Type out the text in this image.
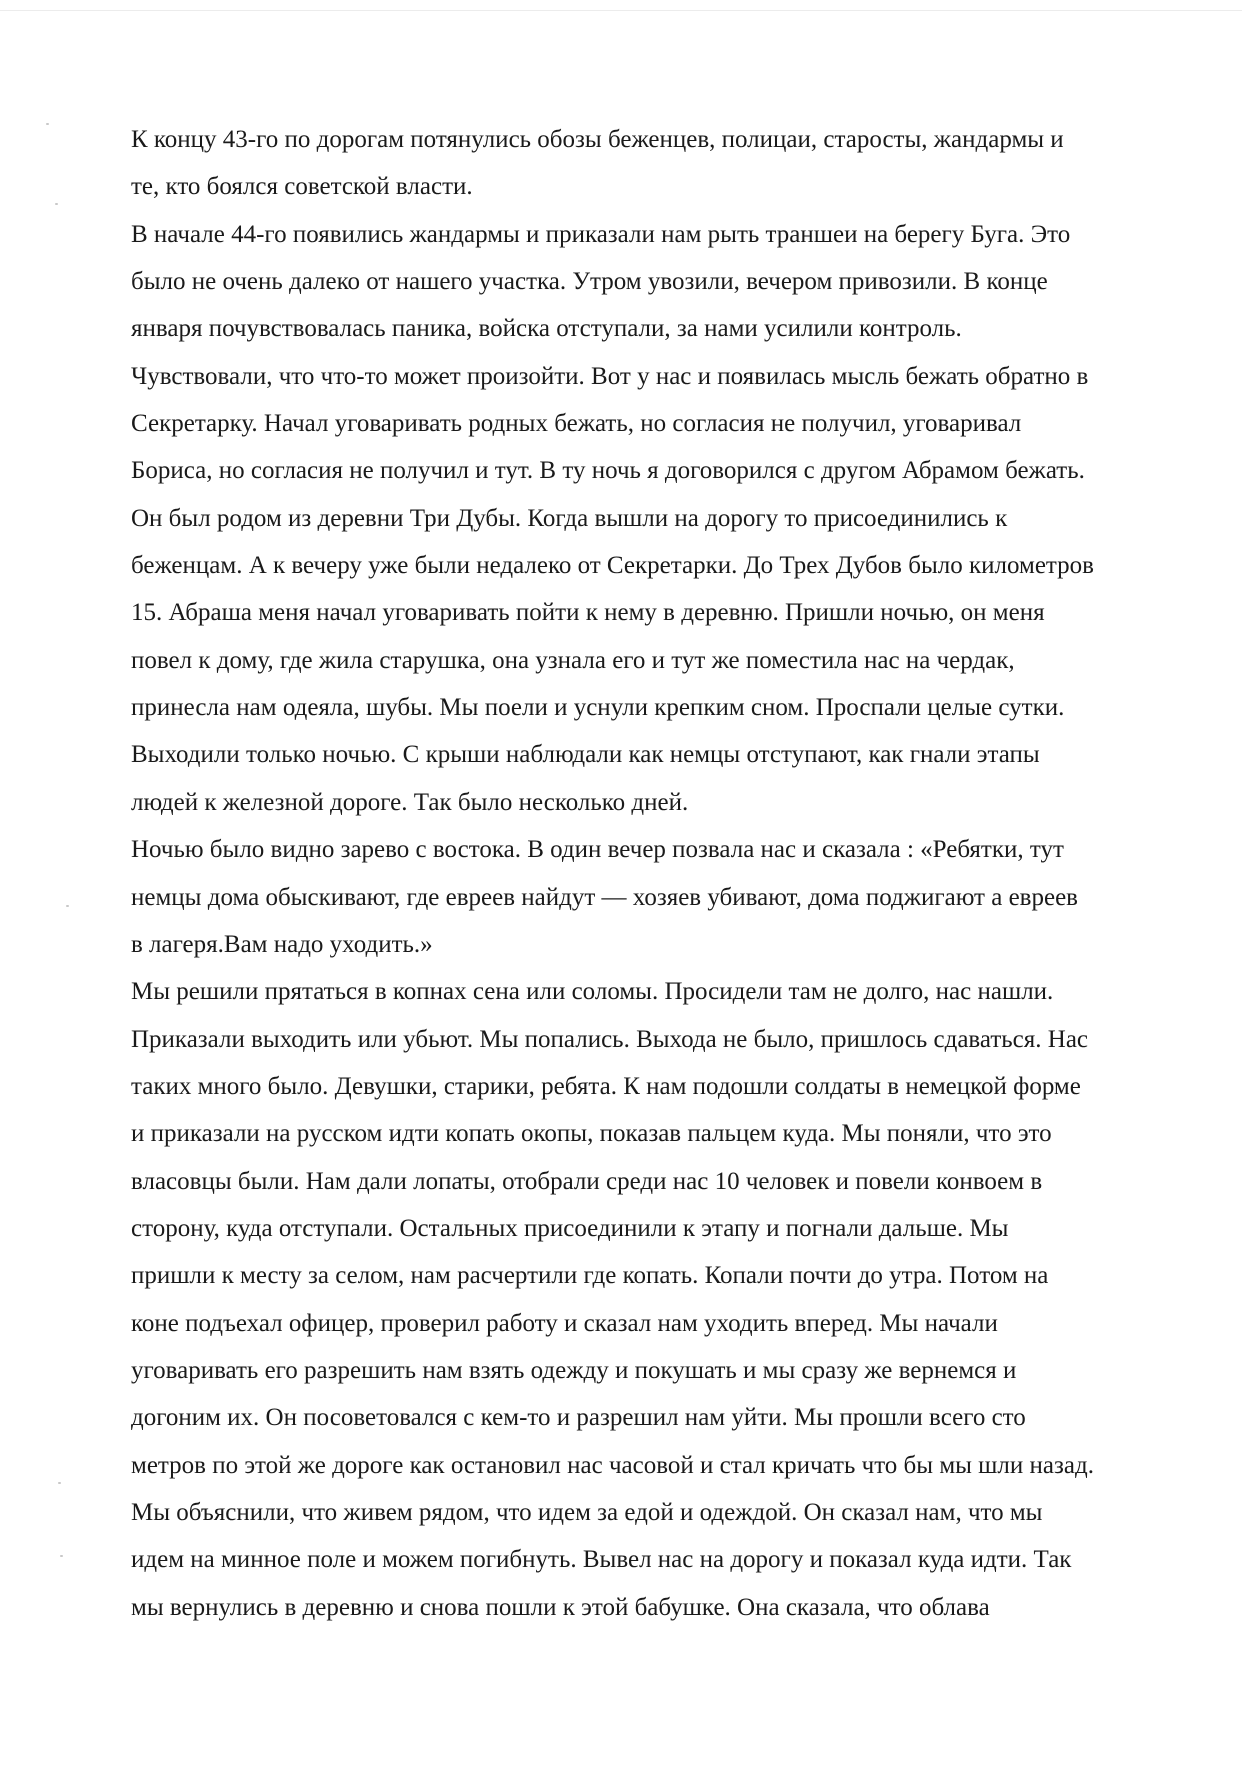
К концу 43-го по дорогам потянулись обозы беженцев, полицаи, старосты, жандармы и
те, кто боялся советской власти.
В начале 44-го появились жандармы и приказали нам рыть траншеи на берегу Буга. Это
было не очень далеко от нашего участка. Утром увозили, вечером привозили. В конце
января почувствовалась паника, войска отступали, за нами усилили контроль.
Чувствовали, что что-то может произойти. Вот у нас и появилась мысль бежать обратно в
Секретарку. Начал уговаривать родных бежать, но согласия не получил, уговаривал
Бориса, но согласия не получил и тут. В ту ночь я договорился с другом Абрамом бежать.
Он был родом из деревни Три Дубы. Когда вышли на дорогу то присоединились к
беженцам. А к вечеру уже были недалеко от Секретарки. До Трех Дубов было километров
15. Абраша меня начал уговаривать пойти к нему в деревню. Пришли ночью, он меня
повел к дому, где жила старушка, она узнала его и тут же поместила нас на чердак,
принесла нам одеяла, шубы. Мы поели и уснули крепким сном. Проспали целые сутки.
Выходили только ночью. С крыши наблюдали как немцы отступают, как гнали этапы
людей к железной дороге. Так было несколько дней.
Ночью было видно зарево с востока. В один вечер позвала нас и сказала : «Ребятки, тут
немцы дома обыскивают, где евреев найдут — хозяев убивают, дома поджигают а евреев
в лагеря.Вам надо уходить.»
Мы решили прятаться в копнах сена или соломы. Просидели там не долго, нас нашли.
Приказали выходить или убьют. Мы попались. Выхода не было, пришлось сдаваться. Нас
таких много было. Девушки, старики, ребята. К нам подошли солдаты в немецкой форме
и приказали на русском идти копать окопы, показав пальцем куда. Мы поняли, что это
власовцы были. Нам дали лопаты, отобрали среди нас 10 человек и повели конвоем в
сторону, куда отступали. Остальных присоединили к этапу и погнали дальше. Мы
пришли к месту за селом, нам расчертили где копать. Копали почти до утра. Потом на
коне подъехал офицер, проверил работу и сказал нам уходить вперед. Мы начали
уговаривать его разрешить нам взять одежду и покушать и мы сразу же вернемся и
догоним их. Он посоветовался с кем-то и разрешил нам уйти. Мы прошли всего сто
метров по этой же дороге как остановил нас часовой и стал кричать что бы мы шли назад.
Мы объяснили, что живем рядом, что идем за едой и одеждой. Он сказал нам, что мы
идем на минное поле и можем погибнуть. Вывел нас на дорогу и показал куда идти. Так
мы вернулись в деревню и снова пошли к этой бабушке. Она сказала, что облава
